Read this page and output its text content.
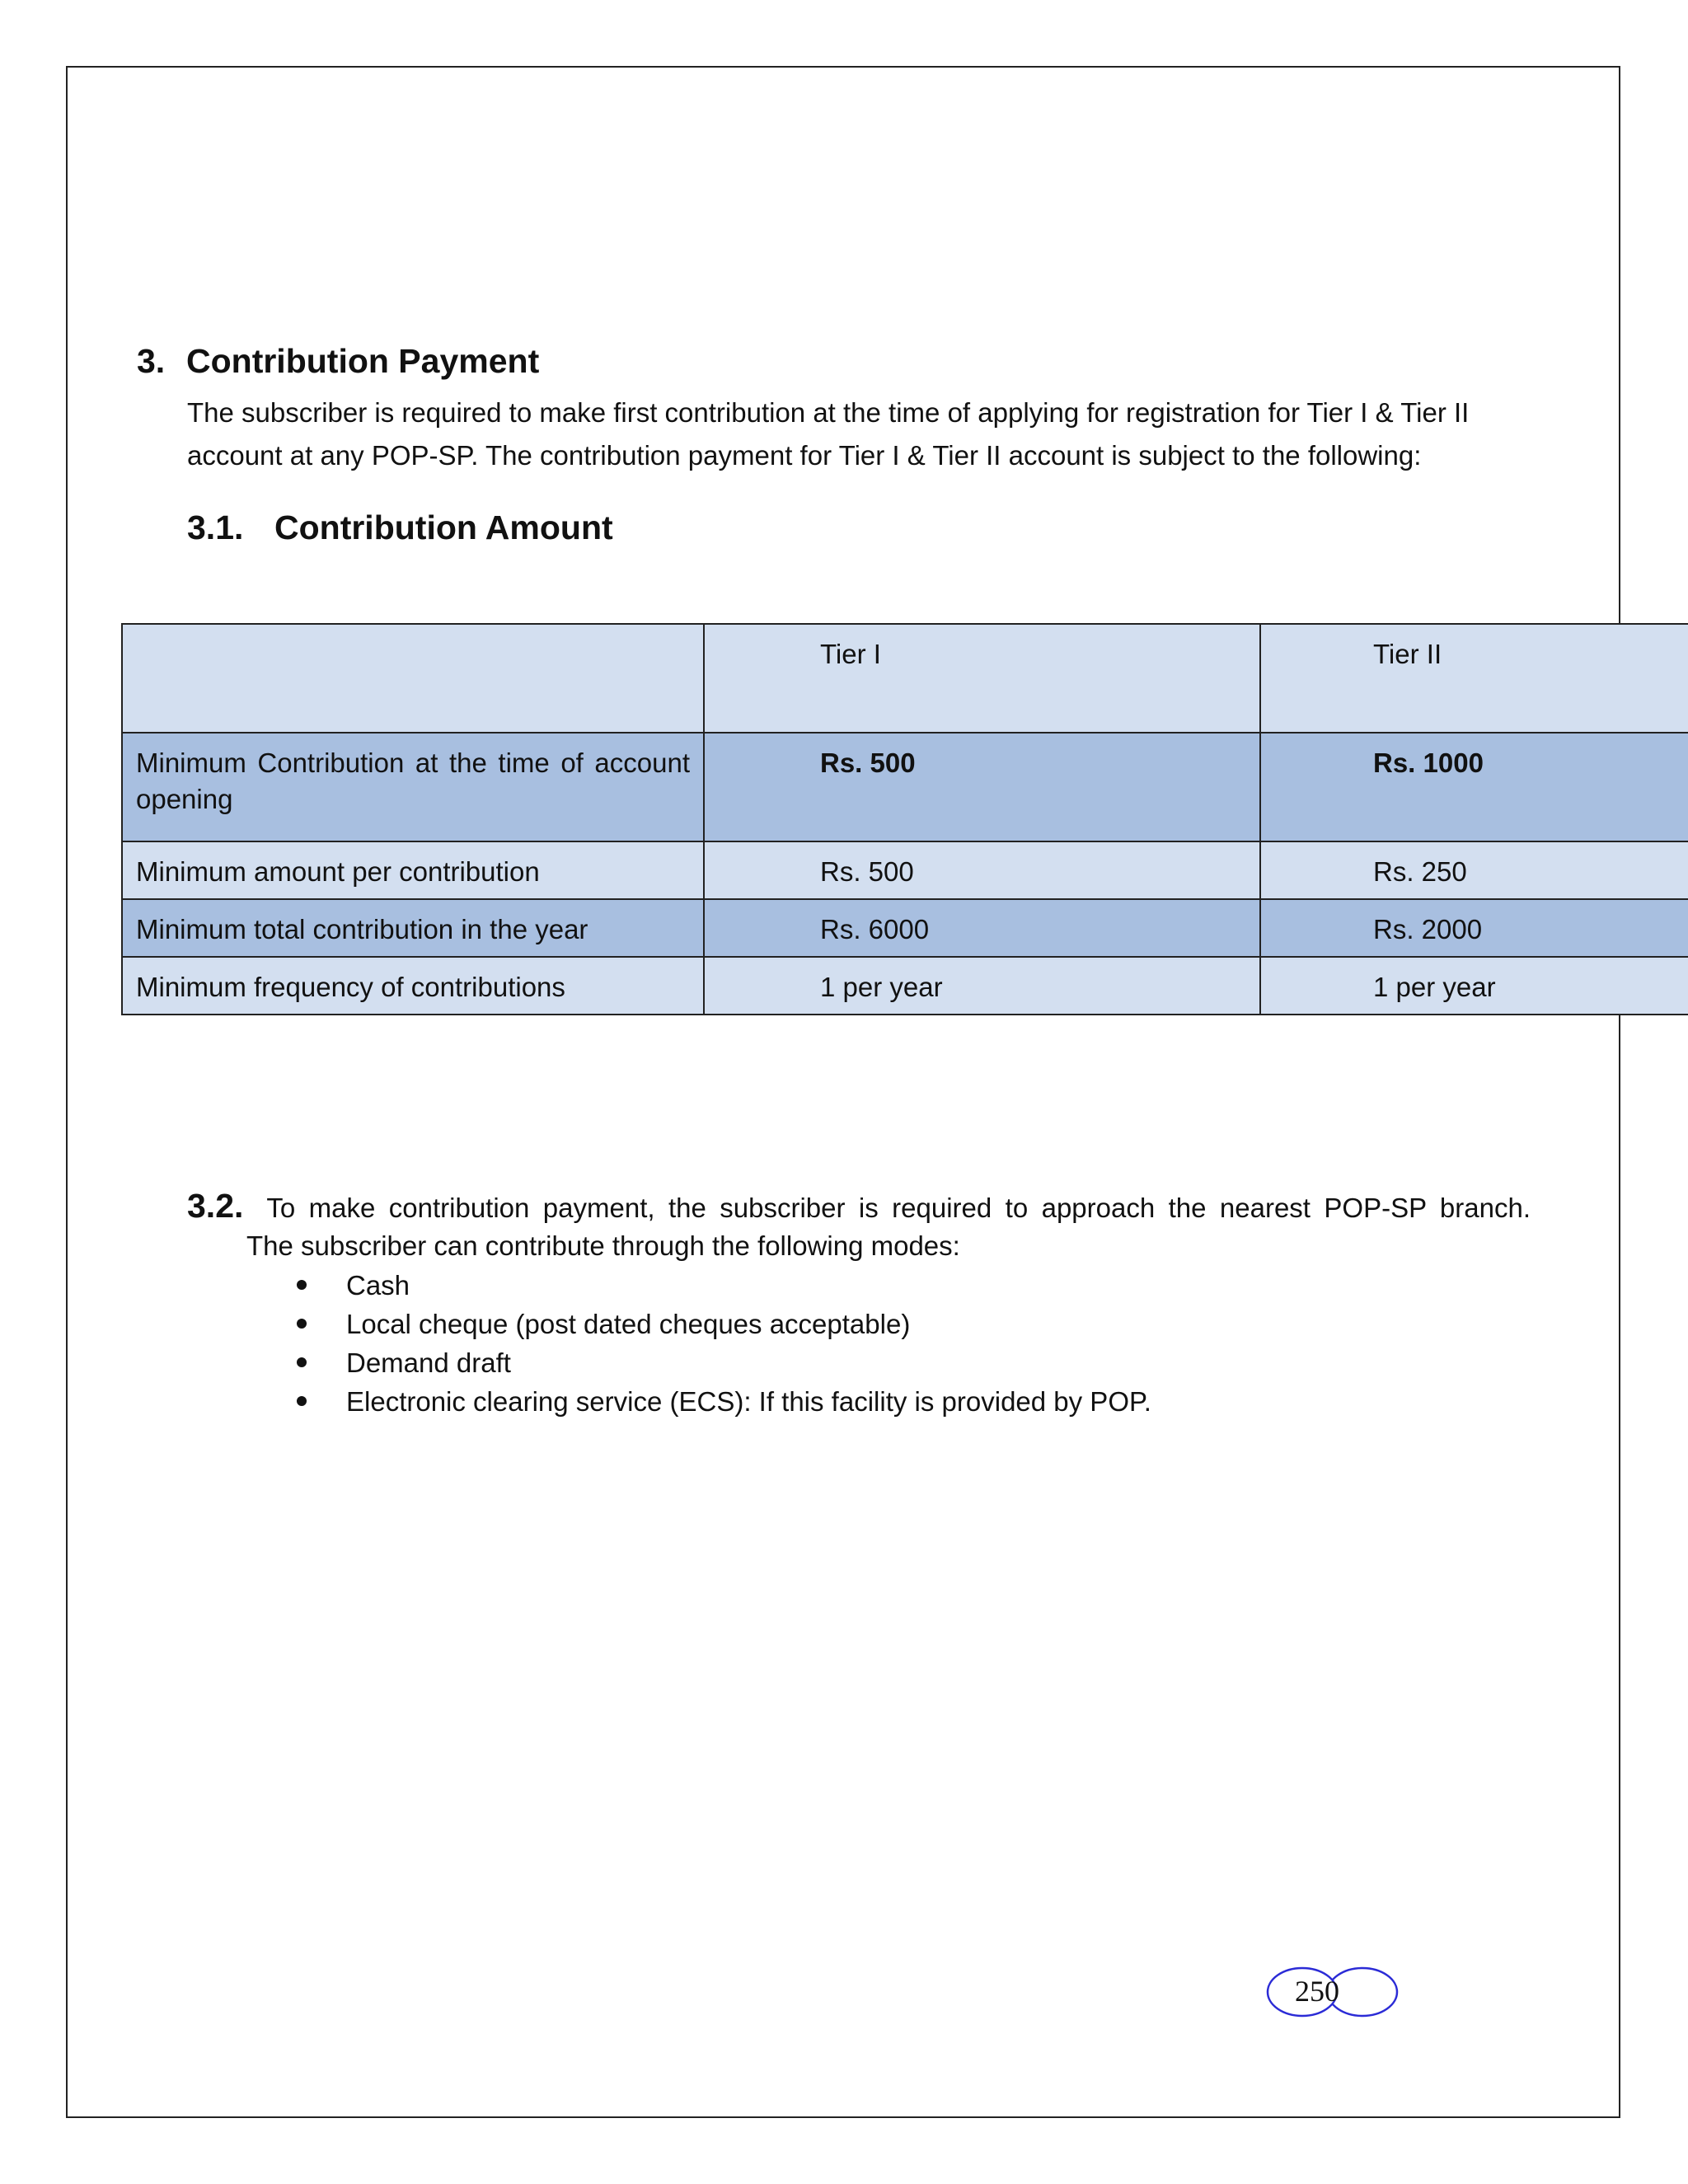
3. Contribution Payment
The subscriber is required to make first contribution at the time of applying for registration for Tier I & Tier II account at any POP-SP. The contribution payment for Tier I & Tier II account is subject to the following:
3.1. Contribution Amount
	Tier I	Tier II
Minimum Contribution at the time of account opening	Rs. 500	Rs. 1000
Minimum amount per contribution	Rs. 500	Rs. 250
Minimum total contribution in the year	Rs. 6000	Rs. 2000
Minimum frequency of contributions	1 per year	1 per year
3.2. To make contribution payment, the subscriber is required to approach the nearest POP-SP branch.
The subscriber can contribute through the following modes:
Cash
Local cheque (post dated cheques acceptable)
Demand draft
Electronic clearing service (ECS): If this facility is provided by POP.
250
